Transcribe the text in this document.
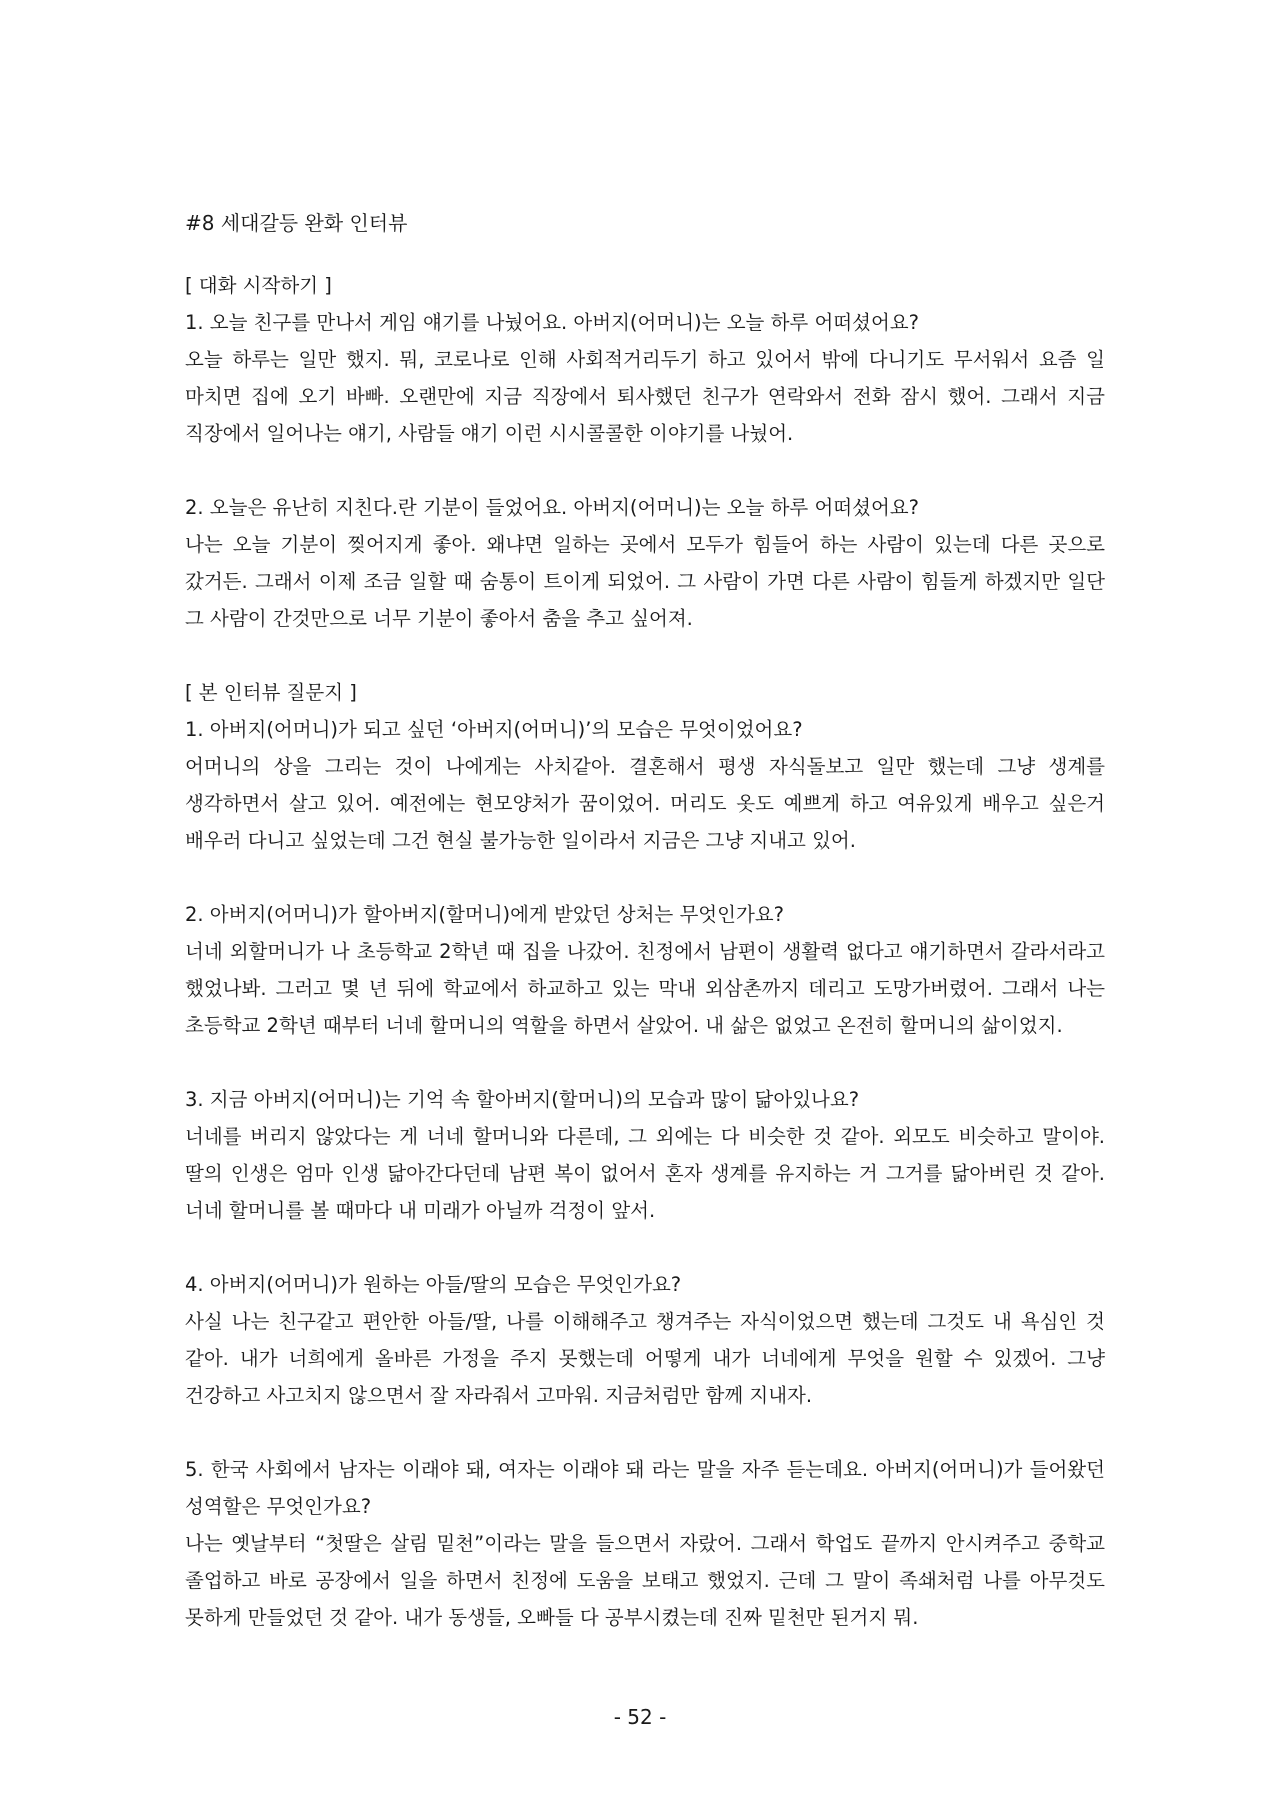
#8 세대갈등 완화 인터뷰
[ 대화 시작하기 ]

1. 오늘 친구를 만나서 게임 얘기를 나눴어요. 아버지(어머니)는 오늘 하루 어떠셨어요?

오늘 하루는 일만 했지. 뭐, 코로나로 인해 사회적거리두기 하고 있어서 밖에 다니기도 무서워서 요즘 일 마치면 집에 오기 바빠. 오랜만에 지금 직장에서 퇴사했던 친구가 연락와서 전화 잠시 했어. 그래서 지금 직장에서 일어나는 얘기, 사람들 얘기 이런 시시콜콜한 이야기를 나눴어.

2. 오늘은 유난히 지친다.란 기분이 들었어요. 아버지(어머니)는 오늘 하루 어떠셨어요?

나는 오늘 기분이 찢어지게 좋아. 왜냐면 일하는 곳에서 모두가 힘들어 하는 사람이 있는데 다른 곳으로 갔거든. 그래서 이제 조금 일할 때 숨통이 트이게 되었어. 그 사람이 가면 다른 사람이 힘들게 하겠지만 일단 그 사람이 간것만으로 너무 기분이 좋아서 춤을 추고 싶어져.

[ 본 인터뷰 질문지 ]

1. 아버지(어머니)가 되고 싶던 ‘아버지(어머니)’의 모습은 무엇이었어요?

어머니의 상을 그리는 것이 나에게는 사치같아. 결혼해서 평생 자식돌보고 일만 했는데 그냥 생계를 생각하면서 살고 있어. 예전에는 현모양처가 꿈이었어. 머리도 옷도 예쁘게 하고 여유있게 배우고 싶은거 배우러 다니고 싶었는데 그건 현실 불가능한 일이라서 지금은 그냥 지내고 있어.

2. 아버지(어머니)가 할아버지(할머니)에게 받았던 상처는 무엇인가요?

너네 외할머니가 나 초등학교 2학년 때 집을 나갔어. 친정에서 남편이 생활력 없다고 얘기하면서 갈라서라고 했었나봐. 그러고 몇 년 뒤에 학교에서 하교하고 있는 막내 외삼촌까지 데리고 도망가버렸어. 그래서 나는 초등학교 2학년 때부터 너네 할머니의 역할을 하면서 살았어. 내 삶은 없었고 온전히 할머니의 삶이었지.

3. 지금 아버지(어머니)는 기억 속 할아버지(할머니)의 모습과 많이 닮아있나요?

너네를 버리지 않았다는 게 너네 할머니와 다른데, 그 외에는 다 비슷한 것 같아. 외모도 비슷하고 말이야. 딸의 인생은 엄마 인생 닮아간다던데 남편 복이 없어서 혼자 생계를 유지하는 거 그거를 닮아버린 것 같아. 너네 할머니를 볼 때마다 내 미래가 아닐까 걱정이 앞서.

4. 아버지(어머니)가 원하는 아들/딸의 모습은 무엇인가요?

사실 나는 친구같고 편안한 아들/딸, 나를 이해해주고 챙겨주는 자식이었으면 했는데 그것도 내 욕심인 것 같아. 내가 너희에게 올바른 가정을 주지 못했는데 어떻게 내가 너네에게 무엇을 원할 수 있겠어. 그냥 건강하고 사고치지 않으면서 잘 자라줘서 고마워. 지금처럼만 함께 지내자.

5. 한국 사회에서 남자는 이래야 돼, 여자는 이래야 돼 라는 말을 자주 듣는데요. 아버지(어머니)가 들어왔던 성역할은 무엇인가요?

나는 옛날부터 “첫딸은 살림 밑천”이라는 말을 들으면서 자랐어. 그래서 학업도 끝까지 안시켜주고 중학교 졸업하고 바로 공장에서 일을 하면서 친정에 도움을 보태고 했었지. 근데 그 말이 족쇄처럼 나를 아무것도 못하게 만들었던 것 같아. 내가 동생들, 오빠들 다 공부시켰는데 진짜 밑천만 된거지 뭐.

- 52 -
